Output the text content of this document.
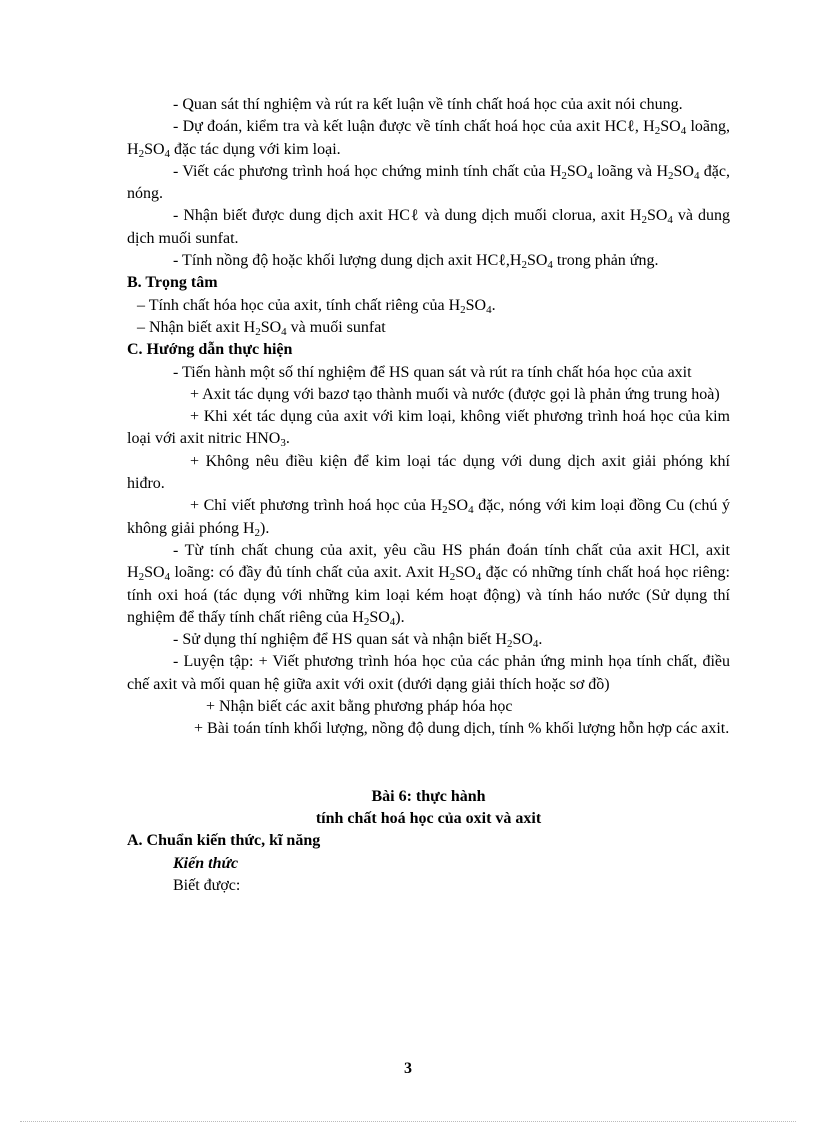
- Quan sát thí nghiệm và rút ra kết luận về tính chất hoá học của axit nói chung.

- Dự đoán, kiểm tra và kết luận được về tính chất hoá học của axit HCℓ, $H_2SO_4$ loãng, $H_2SO_4$ đặc tác dụng với kim loại.

- Viết các phương trình hoá học chứng minh tính chất của $H_2SO_4$ loãng và $H_2SO_4$ đặc, nóng.

- Nhận biết được dung dịch axit HCℓ và dung dịch muối clorua, axit $H_2SO_4$ và dung dịch muối sunfat.

- Tính nồng độ hoặc khối lượng dung dịch axit $HC\ell,H_2SO_4$ trong phản ứng.

B. Trọng tâm

– Tính chất hóa học của axit, tính chất riêng của $H_2SO_4$.

– Nhận biết axit $H_2SO_4$ và muối sunfat

C. Hướng dẫn thực hiện

- Tiến hành một số thí nghiệm để HS quan sát và rút ra tính chất hóa học của axit

+ Axit tác dụng với bazơ tạo thành muối và nước (được gọi là phản ứng trung hoà)

+ Khi xét tác dụng của axit với kim loại, không viết phương trình hoá học của kim loại với axit nitric $HNO_3$.

+ Không nêu điều kiện để kim loại tác dụng với dung dịch axit giải phóng khí hiđro.

+ Chỉ viết phương trình hoá học của $H_2SO_4$ đặc, nóng với kim loại đồng Cu (chú ý không giải phóng $H_2$).

- Từ tính chất chung của axit, yêu cầu HS phán đoán tính chất của axit HCl, axit $H_2SO_4$ loãng: có đầy đủ tính chất của axit. Axit $H_2SO_4$ đặc có những tính chất hoá học riêng: tính oxi hoá (tác dụng với những kim loại kém hoạt động) và tính háo nước (Sử dụng thí nghiệm để thấy tính chất riêng của $H_2SO_4$).

- Sử dụng thí nghiệm để HS quan sát và nhận biết $H_2SO_4$.

- Luyện tập: + Viết phương trình hóa học của các phản ứng minh họa tính chất, điều chế axit và mối quan hệ giữa axit với oxit (dưới dạng giải thích hoặc sơ đồ)

+ Nhận biết các axit bằng phương pháp hóa học

+ Bài toán tính khối lượng, nồng độ dung dịch, tính % khối lượng hỗn hợp các axit.

Bài 6: thực hành

tính chất hoá học của oxit và axit

A. Chuẩn kiến thức, kĩ năng

Kiến thức

Biết được:

3
